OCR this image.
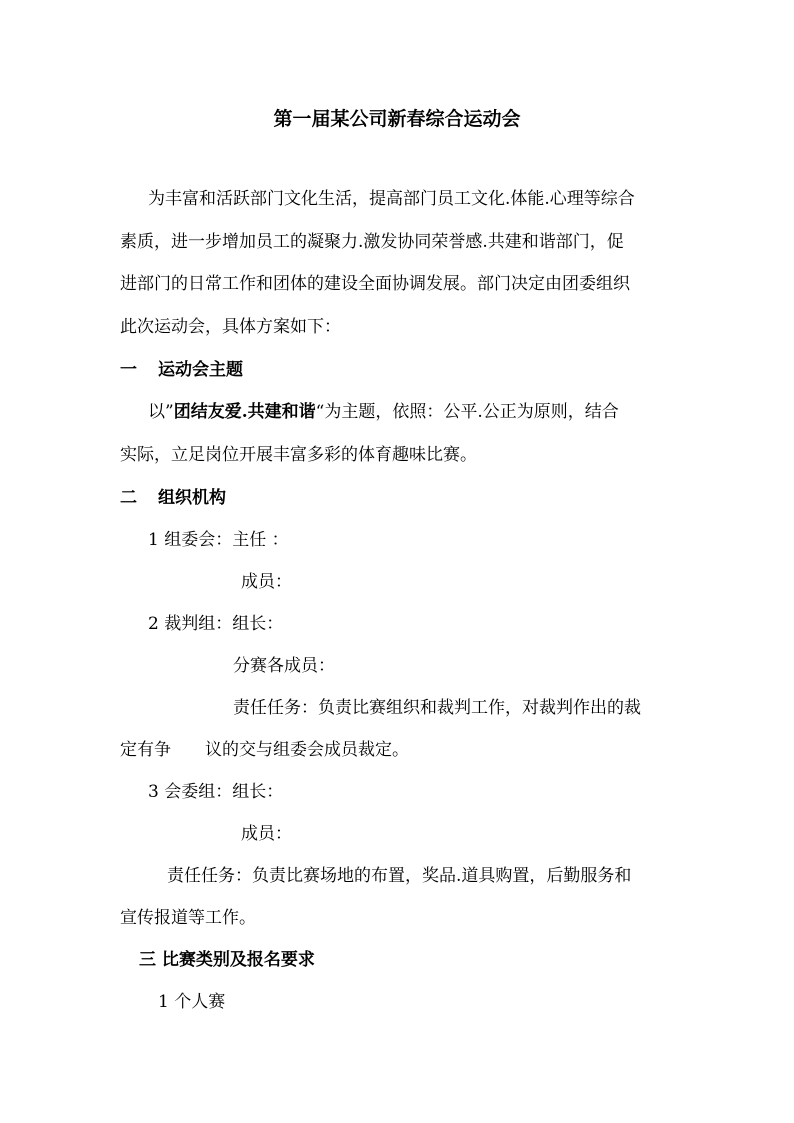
第一届某公司新春综合运动会
为丰富和活跃部门文化生活，提高部门员工文化.体能.心理等综合
素质，进一步增加员工的凝聚力.激发协同荣誉感.共建和谐部门，促
进部门的日常工作和团体的建设全面协调发展。部门决定由团委组织
此次运动会，具体方案如下：
一 运动会主题
以”团结友爱.共建和谐“为主题，依照：公平.公正为原则，结合
实际，立足岗位开展丰富多彩的体育趣味比赛。
二 组织机构
1 组委会：主任 ：
成员：
2 裁判组：组长：
分赛各成员：
责任任务：负责比赛组织和裁判工作，对裁判作出的裁
定有争 议的交与组委会成员裁定。
3 会委组：组长：
成员：
责任任务：负责比赛场地的布置，奖品.道具购置，后勤服务和
宣传报道等工作。
三 比赛类别及报名要求
1 个人赛
